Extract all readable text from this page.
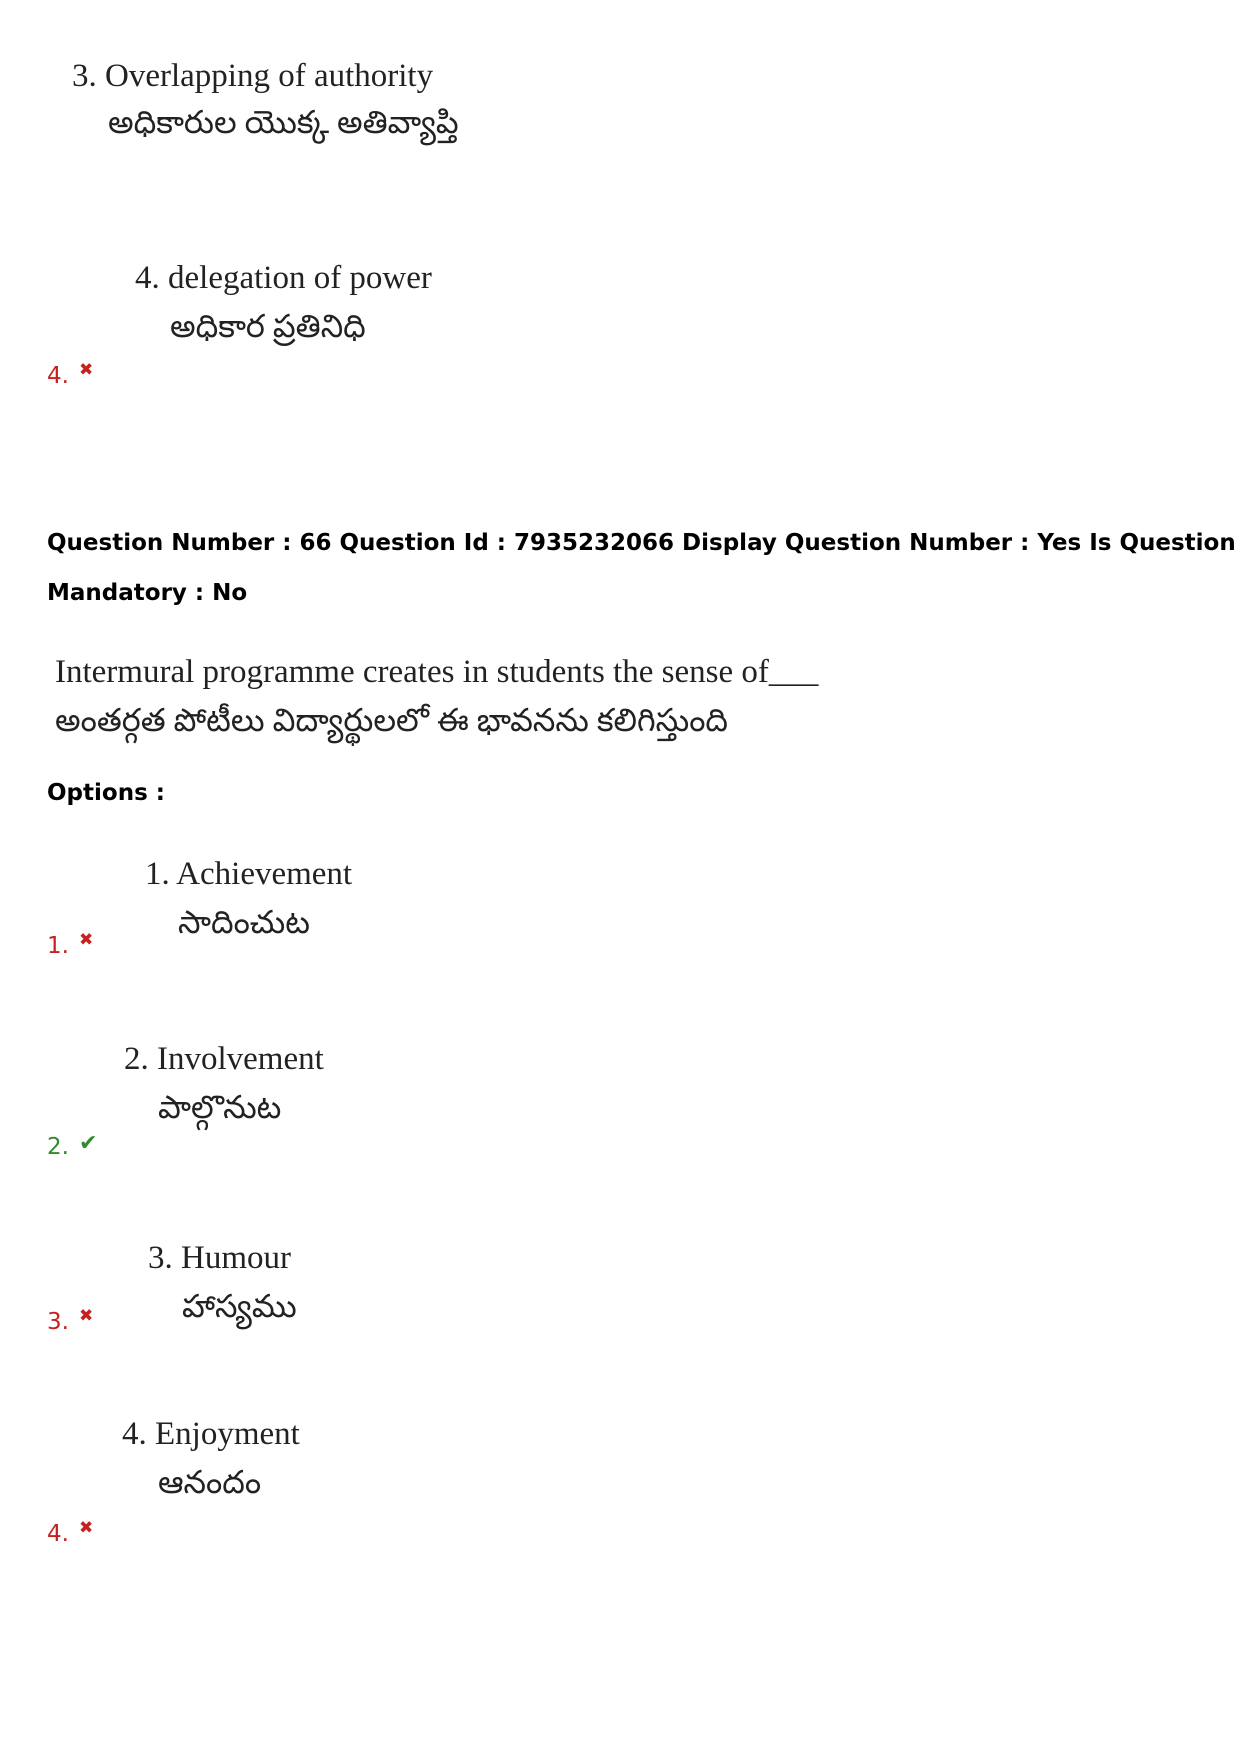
3. Overlapping of authority
అధికారుల యొక్క అతివ్యాప్తి
4. delegation of power
అధికార ప్రతినిధి
4. ✖
Question Number : 66 Question Id : 7935232066 Display Question Number : Yes Is Question
Mandatory : No
Intermural programme creates in students the sense of___
అంతర్గత పోటీలు విద్యార్థులలో ఈ భావనను కలిగిస్తుంది
Options :
1. Achievement
సాదించుట
1. ✖
2. Involvement
పాల్గొనుట
2. ✔
3. Humour
హాస్యము
3. ✖
4. Enjoyment
ఆనందం
4. ✖
